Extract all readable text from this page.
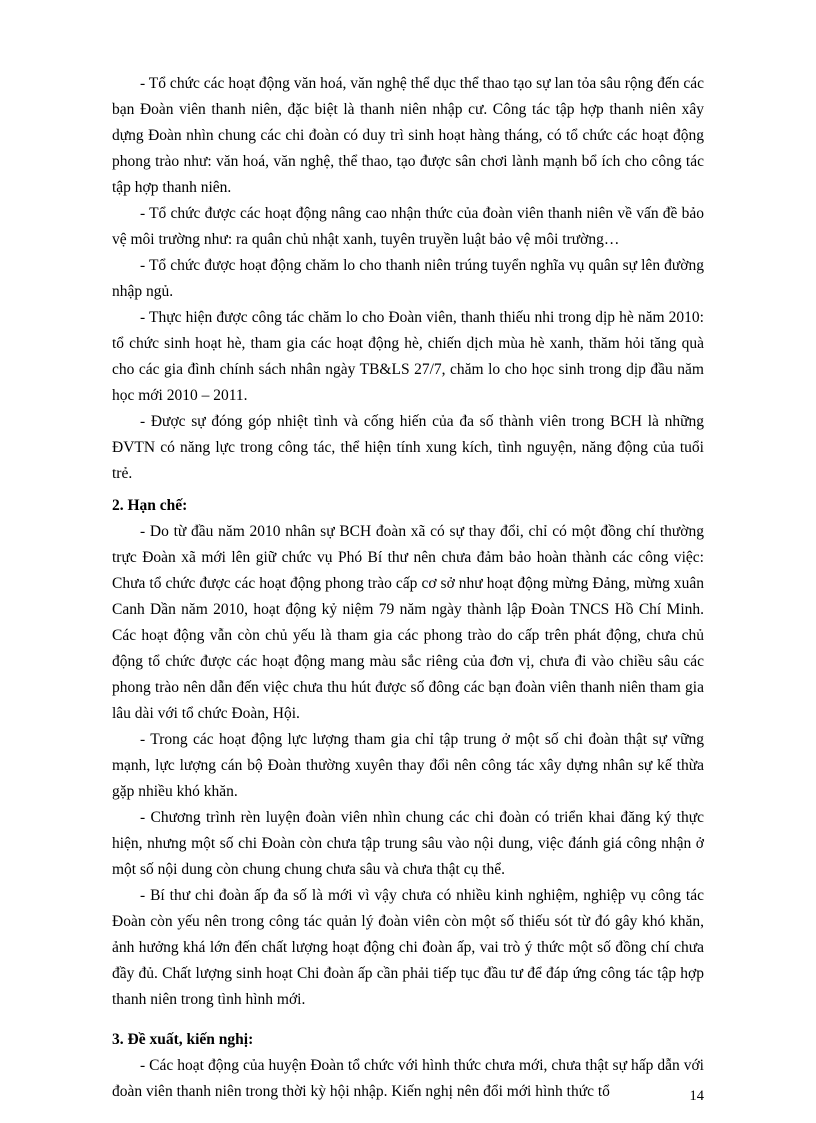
- Tổ chức các hoạt động văn hoá, văn nghệ thể dục thể thao tạo sự lan tỏa sâu rộng đến các bạn Đoàn viên thanh niên, đặc biệt là thanh niên nhập cư. Công tác tập hợp thanh niên xây dựng Đoàn nhìn chung các chi đoàn có duy trì sinh hoạt hàng tháng, có tổ chức các hoạt động phong trào như: văn hoá, văn nghệ, thể thao, tạo được sân chơi lành mạnh bổ ích cho công tác tập hợp thanh niên.

- Tổ chức được các hoạt động nâng cao nhận thức của đoàn viên thanh niên về vấn đề bảo vệ môi trường như: ra quân chủ nhật xanh, tuyên truyền luật bảo vệ môi trường…

- Tổ chức được hoạt động chăm lo cho thanh niên trúng tuyển nghĩa vụ quân sự lên đường nhập ngủ.

- Thực hiện được công tác chăm lo cho Đoàn viên, thanh thiếu nhi trong dịp hè năm 2010: tổ chức sinh hoạt hè, tham gia các hoạt động hè, chiến dịch mùa hè xanh, thăm hỏi tăng quà cho các gia đình chính sách nhân ngày TB&LS 27/7, chăm lo cho học sinh trong dịp đầu năm học mới 2010 – 2011.

- Được sự đóng góp nhiệt tình và cống hiến của đa số thành viên trong BCH là những ĐVTN có năng lực trong công tác, thể hiện tính xung kích, tình nguyện, năng động của tuổi trẻ.

2. Hạn chế:

- Do từ đầu năm 2010 nhân sự BCH đoàn xã có sự thay đổi, chỉ có một đồng chí thường trực Đoàn xã mới lên giữ chức vụ Phó Bí thư nên chưa đảm bảo hoàn thành các công việc: Chưa tổ chức được các hoạt động phong trào cấp cơ sở như hoạt động mừng Đảng, mừng xuân Canh Dần năm 2010, hoạt động kỷ niệm 79 năm ngày thành lập Đoàn TNCS Hồ Chí Minh. Các hoạt động vẫn còn chủ yếu là tham gia các phong trào do cấp trên phát động, chưa chủ động tổ chức được các hoạt động mang màu sắc riêng của đơn vị, chưa đi vào chiều sâu các phong trào nên dẫn đến việc chưa thu hút được số đông các bạn đoàn viên thanh niên tham gia lâu dài với tổ chức Đoàn, Hội.

- Trong các hoạt động lực lượng tham gia chỉ tập trung ở một số chi đoàn thật sự vững mạnh, lực lượng cán bộ Đoàn thường xuyên thay đổi nên công tác xây dựng nhân sự kế thừa gặp nhiều khó khăn.

- Chương trình rèn luyện đoàn viên nhìn chung các chi đoàn có triển khai đăng ký thực hiện, nhưng một số chi Đoàn còn chưa tập trung sâu vào nội dung, việc đánh giá công nhận ở một số nội dung còn chung chung chưa sâu và chưa thật cụ thể.

- Bí thư chi đoàn ấp đa số là mới vì vậy chưa có nhiều kinh nghiệm, nghiệp vụ công tác Đoàn còn yếu nên trong công tác quản lý đoàn viên còn một số thiếu sót từ đó gây khó khăn, ảnh hưởng khá lớn đến chất lượng hoạt động chi đoàn ấp, vai trò ý thức một số đồng chí chưa đầy đủ. Chất lượng sinh hoạt Chi đoàn ấp cần phải tiếp tục đầu tư để đáp ứng công tác tập hợp thanh niên trong tình hình mới.

3. Đề xuất, kiến nghị:

- Các hoạt động của huyện Đoàn tổ chức với hình thức chưa mới, chưa thật sự hấp dẫn với đoàn viên thanh niên trong thời kỳ hội nhập. Kiến nghị nên đổi mới hình thức tổ	14
